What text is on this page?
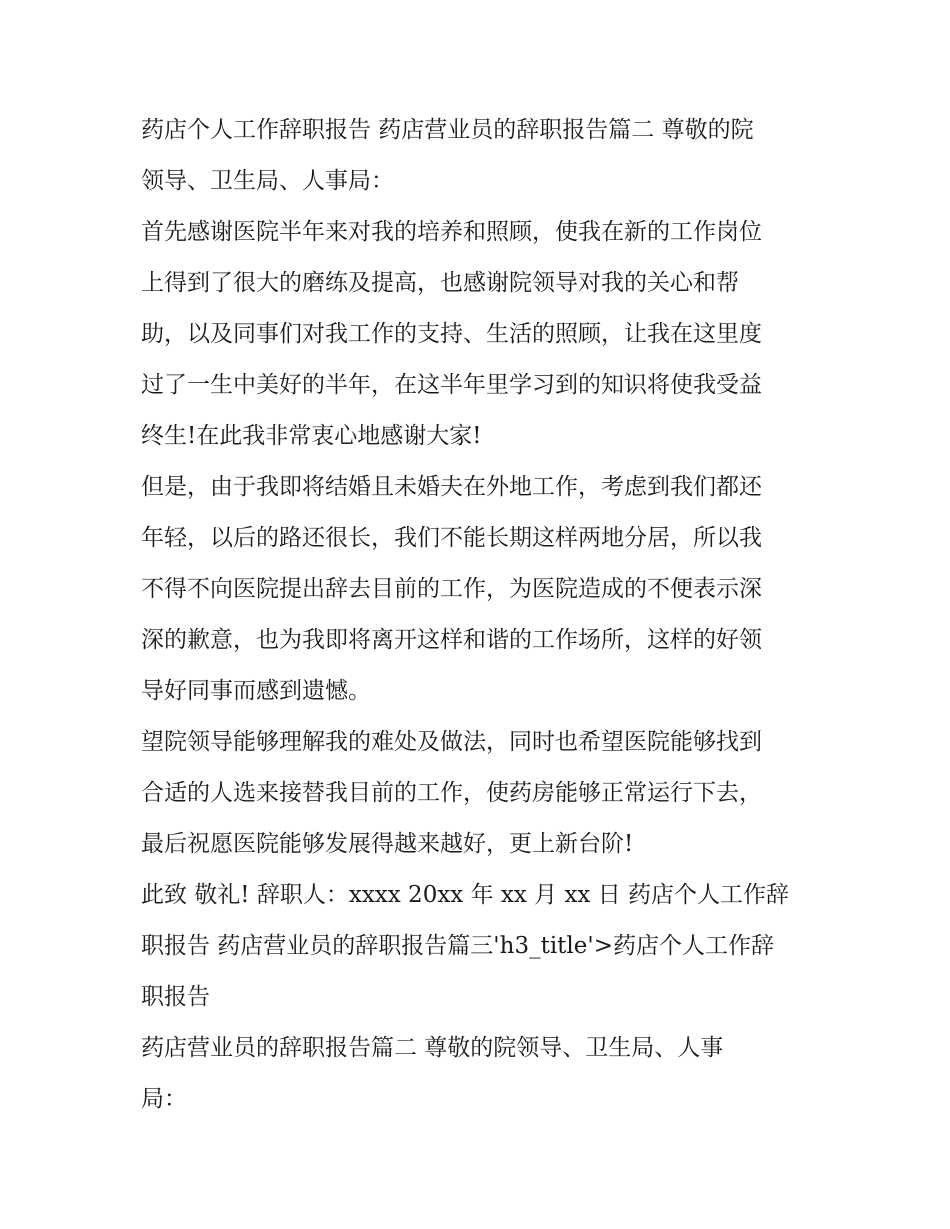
药店个人工作辞职报告 药店营业员的辞职报告篇二 尊敬的院
领导、卫生局、人事局：
首先感谢医院半年来对我的培养和照顾，使我在新的工作岗位
上得到了很大的磨练及提高，也感谢院领导对我的关心和帮
助，以及同事们对我工作的支持、生活的照顾，让我在这里度
过了一生中美好的半年，在这半年里学习到的知识将使我受益
终生!在此我非常衷心地感谢大家!
但是，由于我即将结婚且未婚夫在外地工作，考虑到我们都还
年轻，以后的路还很长，我们不能长期这样两地分居，所以我
不得不向医院提出辞去目前的工作，为医院造成的不便表示深
深的歉意，也为我即将离开这样和谐的工作场所，这样的好领
导好同事而感到遗憾。
望院领导能够理解我的难处及做法，同时也希望医院能够找到
合适的人选来接替我目前的工作，使药房能够正常运行下去，
最后祝愿医院能够发展得越来越好，更上新台阶!
此致 敬礼! 辞职人：xxxx 20xx 年 xx 月 xx 日 药店个人工作辞
职报告 药店营业员的辞职报告篇三'h3_title'>药店个人工作辞
职报告
药店营业员的辞职报告篇二 尊敬的院领导、卫生局、人事
局：
